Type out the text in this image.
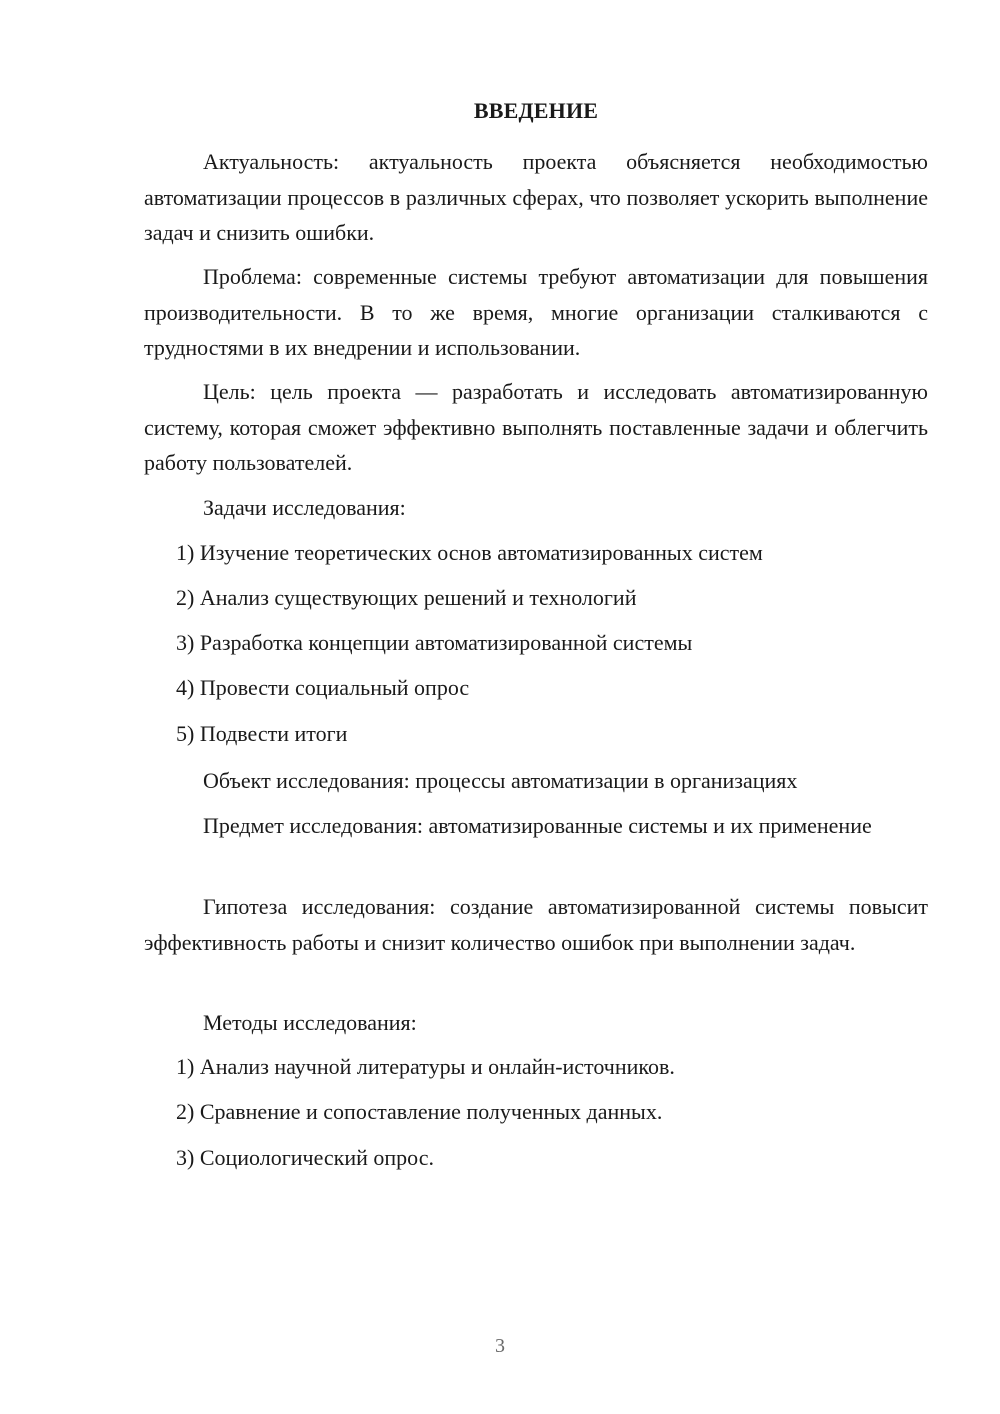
ВВЕДЕНИЕ

Актуальность: актуальность проекта объясняется необходимостью автоматизации процессов в различных сферах, что позволяет ускорить выполнение задач и снизить ошибки.

Проблема: современные системы требуют автоматизации для повышения производительности. В то же время, многие организации сталкиваются с трудностями в их внедрении и использовании.

Цель: цель проекта — разработать и исследовать автоматизированную систему, которая сможет эффективно выполнять поставленные задачи и облегчить работу пользователей.

Задачи исследования:

1) Изучение теоретических основ автоматизированных систем

2) Анализ существующих решений и технологий

3) Разработка концепции автоматизированной системы

4) Провести социальный опрос

5) Подвести итоги

Объект исследования: процессы автоматизации в организациях

Предмет исследования: автоматизированные системы и их применение

Гипотеза исследования: создание автоматизированной системы повысит эффективность работы и снизит количество ошибок при выполнении задач.

Методы исследования:

1) Анализ научной литературы и онлайн-источников.

2) Сравнение и сопоставление полученных данных.

3) Социологический опрос.

3
